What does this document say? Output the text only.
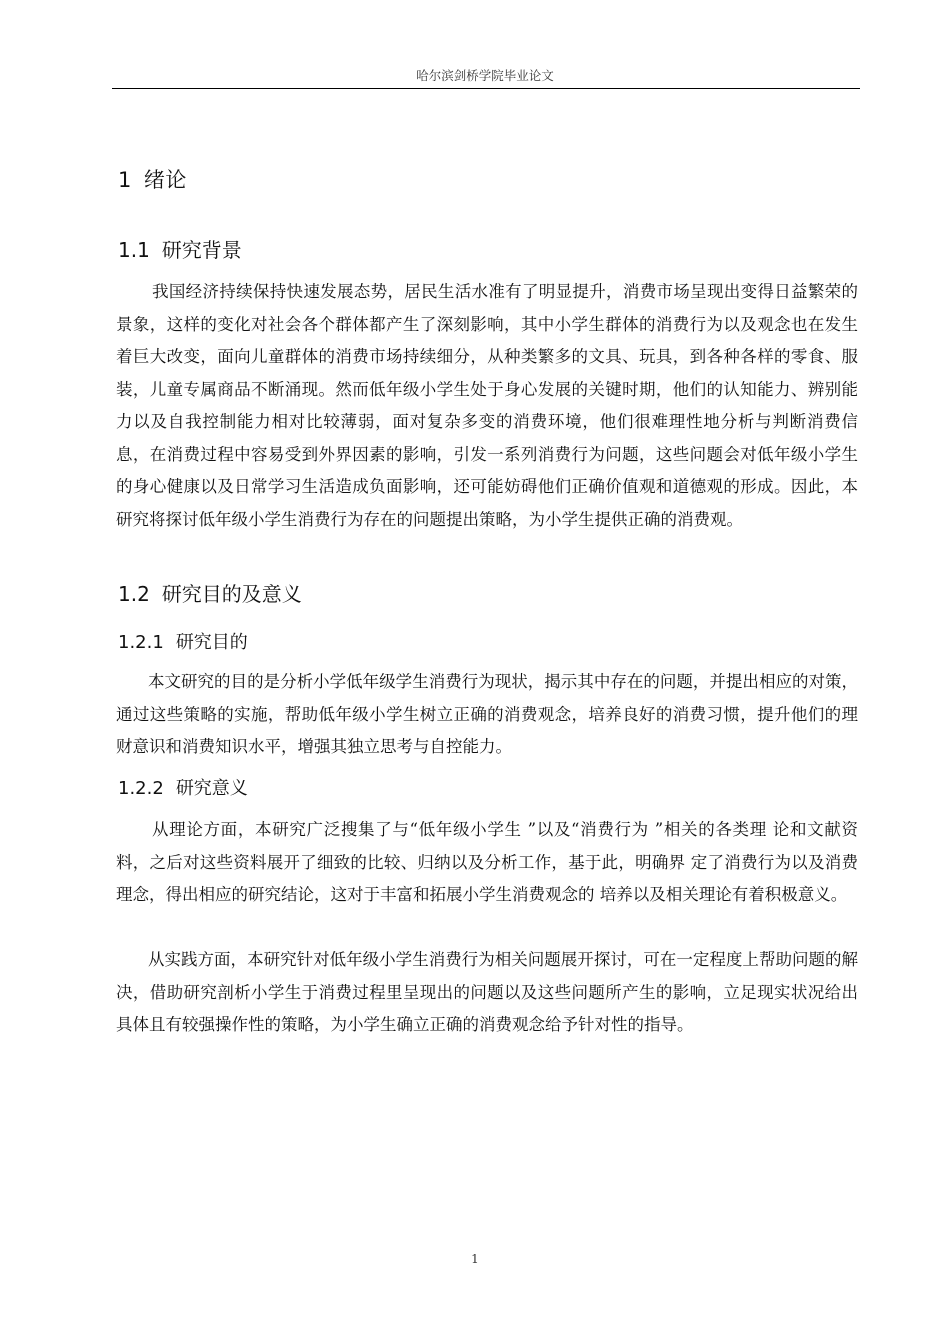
哈尔滨剑桥学院毕业论文
1 绪论
1.1 研究背景

我国经济持续保持快速发展态势，居民生活水准有了明显提升，消费市场呈现出变得日益繁荣的景象，这样的变化对社会各个群体都产生了深刻影响，其中小学生群体的消费行为以及观念也在发生着巨大改变，面向儿童群体的消费市场持续细分，从种类繁多的文具、玩具，到各种各样的零食、服装，儿童专属商品不断涌现。然而低年级小学生处于身心发展的关键时期，他们的认知能力、辨别能力以及自我控制能力相对比较薄弱，面对复杂多变的消费环境，他们很难理性地分析与判断消费信息，在消费过程中容易受到外界因素的影响，引发一系列消费行为问题，这些问题会对低年级小学生的身心健康以及日常学习生活造成负面影响，还可能妨碍他们正确价值观和道德观的形成。因此，本研究将探讨低年级小学生消费行为存在的问题提出策略，为小学生提供正确的消费观。

1.2 研究目的及意义
1.2.1 研究目的

本文研究的目的是分析小学低年级学生消费行为现状，揭示其中存在的问题，并提出相应的对策，通过这些策略的实施，帮助低年级小学生树立正确的消费观念，培养良好的消费习惯，提升他们的理财意识和消费知识水平，增强其独立思考与自控能力。

1.2.2 研究意义

从理论方面，本研究广泛搜集了与“低年级小学生 ”以及“消费行为 ”相关的各类理 论和文献资料，之后对这些资料展开了细致的比较、归纳以及分析工作，基于此，明确界 定了消费行为以及消费理念，得出相应的研究结论，这对于丰富和拓展小学生消费观念的 培养以及相关理论有着积极意义。

从实践方面，本研究针对低年级小学生消费行为相关问题展开探讨，可在一定程度上帮助问题的解决，借助研究剖析小学生于消费过程里呈现出的问题以及这些问题所产生的影响，立足现实状况给出具体且有较强操作性的策略，为小学生确立正确的消费观念给予针对性的指导。

1
